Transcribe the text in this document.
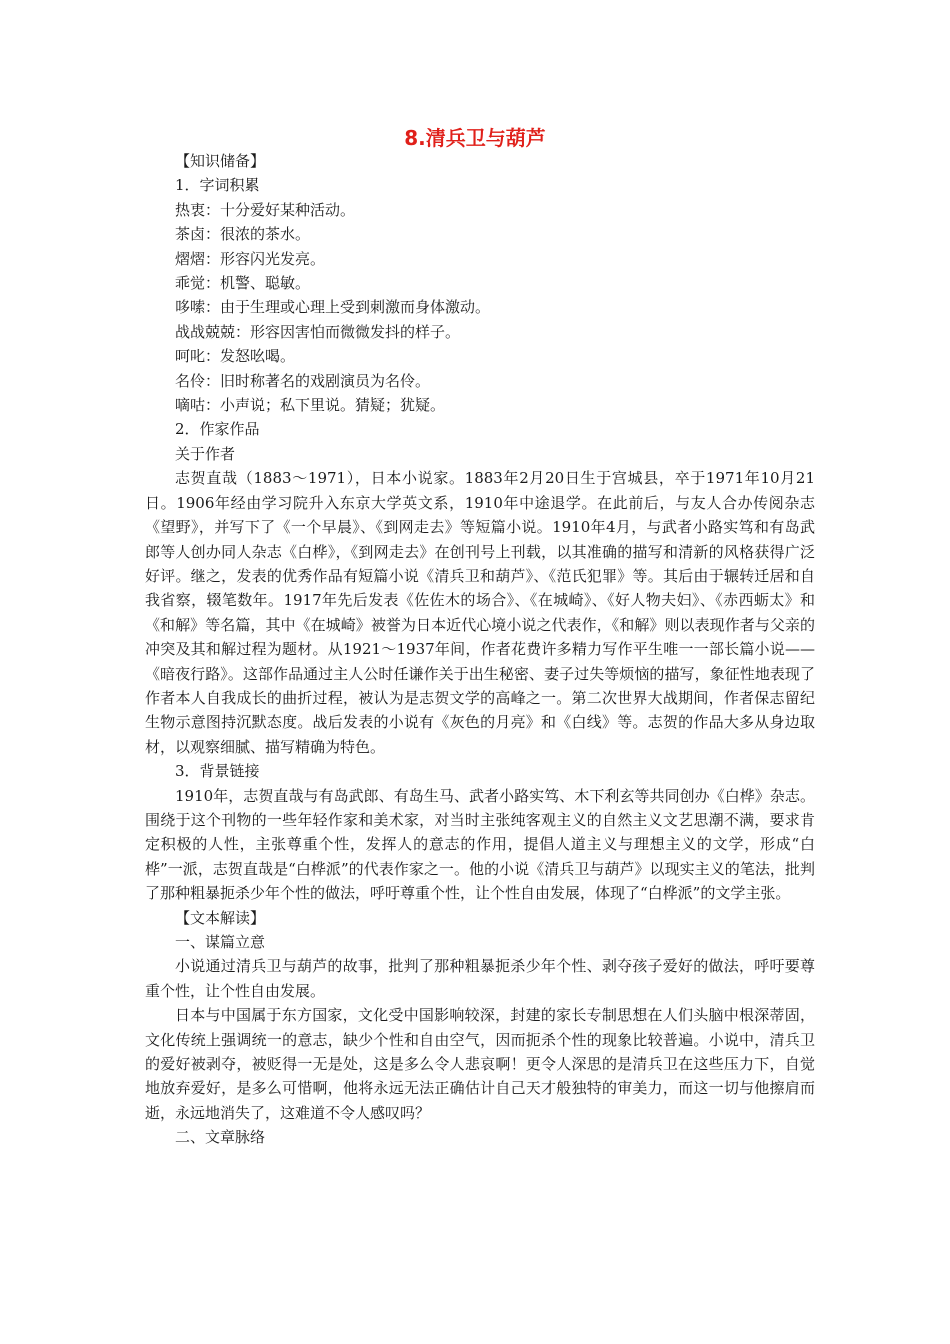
8.清兵卫与葫芦

【知识储备】

1．字词积累

热衷：十分爱好某种活动。

茶卤：很浓的茶水。

熠熠：形容闪光发亮。

乖觉：机警、聪敏。

哆嗦：由于生理或心理上受到刺激而身体激动。

战战兢兢：形容因害怕而微微发抖的样子。

呵叱：发怒吆喝。

名伶：旧时称著名的戏剧演员为名伶。

嘀咕：小声说；私下里说。猜疑；犹疑。

2．作家作品

关于作者

志贺直哉（1883～1971），日本小说家。1883年2月20日生于宫城县，卒于1971年10月21日。1906年经由学习院升入东京大学英文系，1910年中途退学。在此前后，与友人合办传阅杂志《望野》，并写下了《一个早晨》、《到网走去》等短篇小说。1910年4月，与武者小路实笃和有岛武郎等人创办同人杂志《白桦》，《到网走去》在创刊号上刊载，以其准确的描写和清新的风格获得广泛好评。继之，发表的优秀作品有短篇小说《清兵卫和葫芦》、《范氏犯罪》等。其后由于辗转迁居和自我省察，辍笔数年。1917年先后发表《佐佐木的场合》、《在城崎》、《好人物夫妇》、《赤西蛎太》和《和解》等名篇，其中《在城崎》被誉为日本近代心境小说之代表作，《和解》则以表现作者与父亲的冲突及其和解过程为题材。从1921～1937年间，作者花费许多精力写作平生唯一一部长篇小说——《暗夜行路》。这部作品通过主人公时任谦作关于出生秘密、妻子过失等烦恼的描写，象征性地表现了作者本人自我成长的曲折过程，被认为是志贺文学的高峰之一。第二次世界大战期间，作者保志留纪生物示意图持沉默态度。战后发表的小说有《灰色的月亮》和《白线》等。志贺的作品大多从身边取材，以观察细腻、描写精确为特色。

3．背景链接

1910年，志贺直哉与有岛武郎、有岛生马、武者小路实笃、木下利玄等共同创办《白桦》杂志。围绕于这个刊物的一些年轻作家和美术家，对当时主张纯客观主义的自然主义文艺思潮不满，要求肯定积极的人性，主张尊重个性，发挥人的意志的作用，提倡人道主义与理想主义的文学，形成“白桦”一派，志贺直哉是“白桦派”的代表作家之一。他的小说《清兵卫与葫芦》以现实主义的笔法，批判了那种粗暴扼杀少年个性的做法，呼吁尊重个性，让个性自由发展，体现了“白桦派”的文学主张。

【文本解读】

一、谋篇立意

小说通过清兵卫与葫芦的故事，批判了那种粗暴扼杀少年个性、剥夺孩子爱好的做法，呼吁要尊重个性，让个性自由发展。

日本与中国属于东方国家，文化受中国影响较深，封建的家长专制思想在人们头脑中根深蒂固，文化传统上强调统一的意志，缺少个性和自由空气，因而扼杀个性的现象比较普遍。小说中，清兵卫的爱好被剥夺，被贬得一无是处，这是多么令人悲哀啊！更令人深思的是清兵卫在这些压力下，自觉地放弃爱好，是多么可惜啊，他将永远无法正确估计自己天才般独特的审美力，而这一切与他擦肩而逝，永远地消失了，这难道不令人感叹吗？

二、文章脉络
